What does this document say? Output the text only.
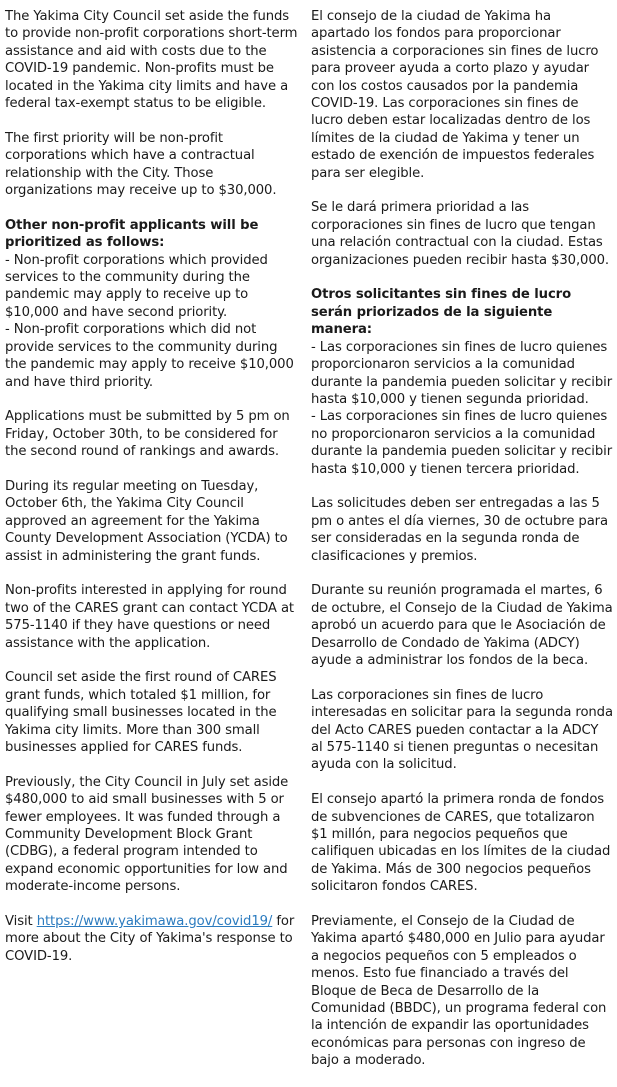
The Yakima City Council set aside the funds to provide non-profit corporations short-term assistance and aid with costs due to the COVID-19 pandemic. Non-profits must be located in the Yakima city limits and have a federal tax-exempt status to be eligible.

The first priority will be non-profit corporations which have a contractual relationship with the City. Those organizations may receive up to $30,000.

Other non-profit applicants will be prioritized as follows:

- Non-profit corporations which provided services to the community during the pandemic may apply to receive up to $10,000 and have second priority.
- Non-profit corporations which did not provide services to the community during the pandemic may apply to receive $10,000 and have third priority.

Applications must be submitted by 5 pm on Friday, October 30th, to be considered for the second round of rankings and awards.

During its regular meeting on Tuesday, October 6th, the Yakima City Council approved an agreement for the Yakima County Development Association (YCDA) to assist in administering the grant funds.

Non-profits interested in applying for round two of the CARES grant can contact YCDA at 575-1140 if they have questions or need assistance with the application.

Council set aside the first round of CARES grant funds, which totaled $1 million, for qualifying small businesses located in the Yakima city limits. More than 300 small businesses applied for CARES funds.

Previously, the City Council in July set aside $480,000 to aid small businesses with 5 or fewer employees. It was funded through a Community Development Block Grant (CDBG), a federal program intended to expand economic opportunities for low and moderate-income persons.

Visit https://www.yakimawa.gov/covid19/ for more about the City of Yakima's response to COVID-19.

El consejo de la ciudad de Yakima ha apartado los fondos para proporcionar asistencia a corporaciones sin fines de lucro para proveer ayuda a corto plazo y ayudar con los costos causados por la pandemia COVID-19. Las corporaciones sin fines de lucro deben estar localizadas dentro de los límites de la ciudad de Yakima y tener un estado de exención de impuestos federales para ser elegible.

Se le dará primera prioridad a las corporaciones sin fines de lucro que tengan una relación contractual con la ciudad. Estas organizaciones pueden recibir hasta $30,000.

Otros solicitantes sin fines de lucro serán priorizados de la siguiente manera:

- Las corporaciones sin fines de lucro quienes proporcionaron servicios a la comunidad durante la pandemia pueden solicitar y recibir hasta $10,000 y tienen segunda prioridad.
- Las corporaciones sin fines de lucro quienes no proporcionaron servicios a la comunidad durante la pandemia pueden solicitar y recibir hasta $10,000 y tienen tercera prioridad.

Las solicitudes deben ser entregadas a las 5 pm o antes el día viernes, 30 de octubre para ser consideradas en la segunda ronda de clasificaciones y premios.

Durante su reunión programada el martes, 6 de octubre, el Consejo de la Ciudad de Yakima aprobó un acuerdo para que le Asociación de Desarrollo de Condado de Yakima (ADCY) ayude a administrar los fondos de la beca.

Las corporaciones sin fines de lucro interesadas en solicitar para la segunda ronda del Acto CARES pueden contactar a la ADCY al 575-1140 si tienen preguntas o necesitan ayuda con la solicitud.

El consejo apartó la primera ronda de fondos de subvenciones de CARES, que totalizaron $1 millón, para negocios pequeños que califiquen ubicadas en los límites de la ciudad de Yakima. Más de 300 negocios pequeños solicitaron fondos CARES.

Previamente, el Consejo de la Ciudad de Yakima apartó $480,000 en Julio para ayudar a negocios pequeños con 5 empleados o menos. Esto fue financiado a través del Bloque de Beca de Desarrollo de la Comunidad (BBDC), un programa federal con la intención de expandir las oportunidades económicas para personas con ingreso de bajo a moderado.
